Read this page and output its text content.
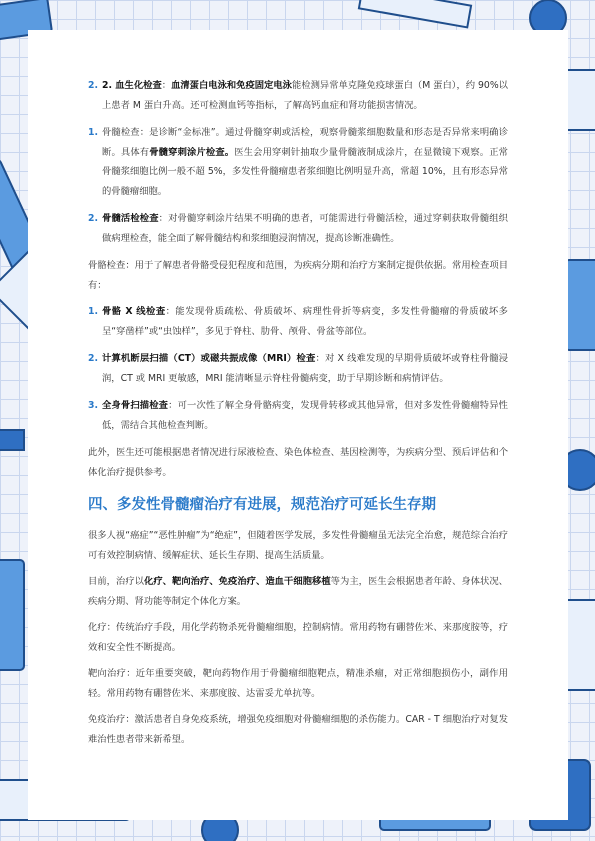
2. 2. 血生化检查：血清蛋白电泳和免疫固定电泳能检测异常单克隆免疫球蛋白（M 蛋白），约 90%以上患者 M 蛋白升高。还可检测血钙等指标，了解高钙血症和肾功能损害情况。
1. 骨髓检查：是诊断“金标准”。通过骨髓穿刺或活检，观察骨髓浆细胞数量和形态是否异常来明确诊断。具体有骨髓穿刺涂片检查。医生会用穿刺针抽取少量骨髓液制成涂片，在显微镜下观察。正常骨髓浆细胞比例一般不超 5%，多发性骨髓瘤患者浆细胞比例明显升高，常超 10%，且有形态异常的骨髓瘤细胞。
2. 骨髓活检检查：对骨髓穿刺涂片结果不明确的患者，可能需进行骨髓活检，通过穿刺获取骨髓组织做病理检查，能全面了解骨髓结构和浆细胞浸润情况，提高诊断准确性。

骨骼检查：用于了解患者骨骼受侵犯程度和范围，为疾病分期和治疗方案制定提供依据。常用检查项目有：

1. 骨骼 X 线检查：能发现骨质疏松、骨质破坏、病理性骨折等病变，多发性骨髓瘤的骨质破坏多呈“穿凿样”或“虫蚀样”，多见于脊柱、肋骨、颅骨、骨盆等部位。
2. 计算机断层扫描（CT）或磁共振成像（MRI）检查：对 X 线难发现的早期骨质破坏或脊柱骨髓浸润，CT 或 MRI 更敏感，MRI 能清晰显示脊柱骨髓病变，助于早期诊断和病情评估。
3. 全身骨扫描检查：可一次性了解全身骨骼病变，发现骨转移或其他异常，但对多发性骨髓瘤特异性低，需结合其他检查判断。

此外，医生还可能根据患者情况进行尿液检查、染色体检查、基因检测等，为疾病分型、预后评估和个体化治疗提供参考。

四、多发性骨髓瘤治疗有进展，规范治疗可延长生存期

很多人视“癌症”“恶性肿瘤”为“绝症”，但随着医学发展，多发性骨髓瘤虽无法完全治愈，规范综合治疗可有效控制病情、缓解症状、延长生存期、提高生活质量。

目前，治疗以化疗、靶向治疗、免疫治疗、造血干细胞移植等为主，医生会根据患者年龄、身体状况、疾病分期、肾功能等制定个体化方案。

化疗：传统治疗手段，用化学药物杀死骨髓瘤细胞，控制病情。常用药物有硼替佐米、来那度胺等，疗效和安全性不断提高。

靶向治疗：近年重要突破，靶向药物作用于骨髓瘤细胞靶点，精准杀瘤，对正常细胞损伤小，副作用轻。常用药物有硼替佐米、来那度胺、达雷妥尤单抗等。

免疫治疗：激活患者自身免疫系统，增强免疫细胞对骨髓瘤细胞的杀伤能力。CAR - T 细胞治疗对复发难治性患者带来新希望。
